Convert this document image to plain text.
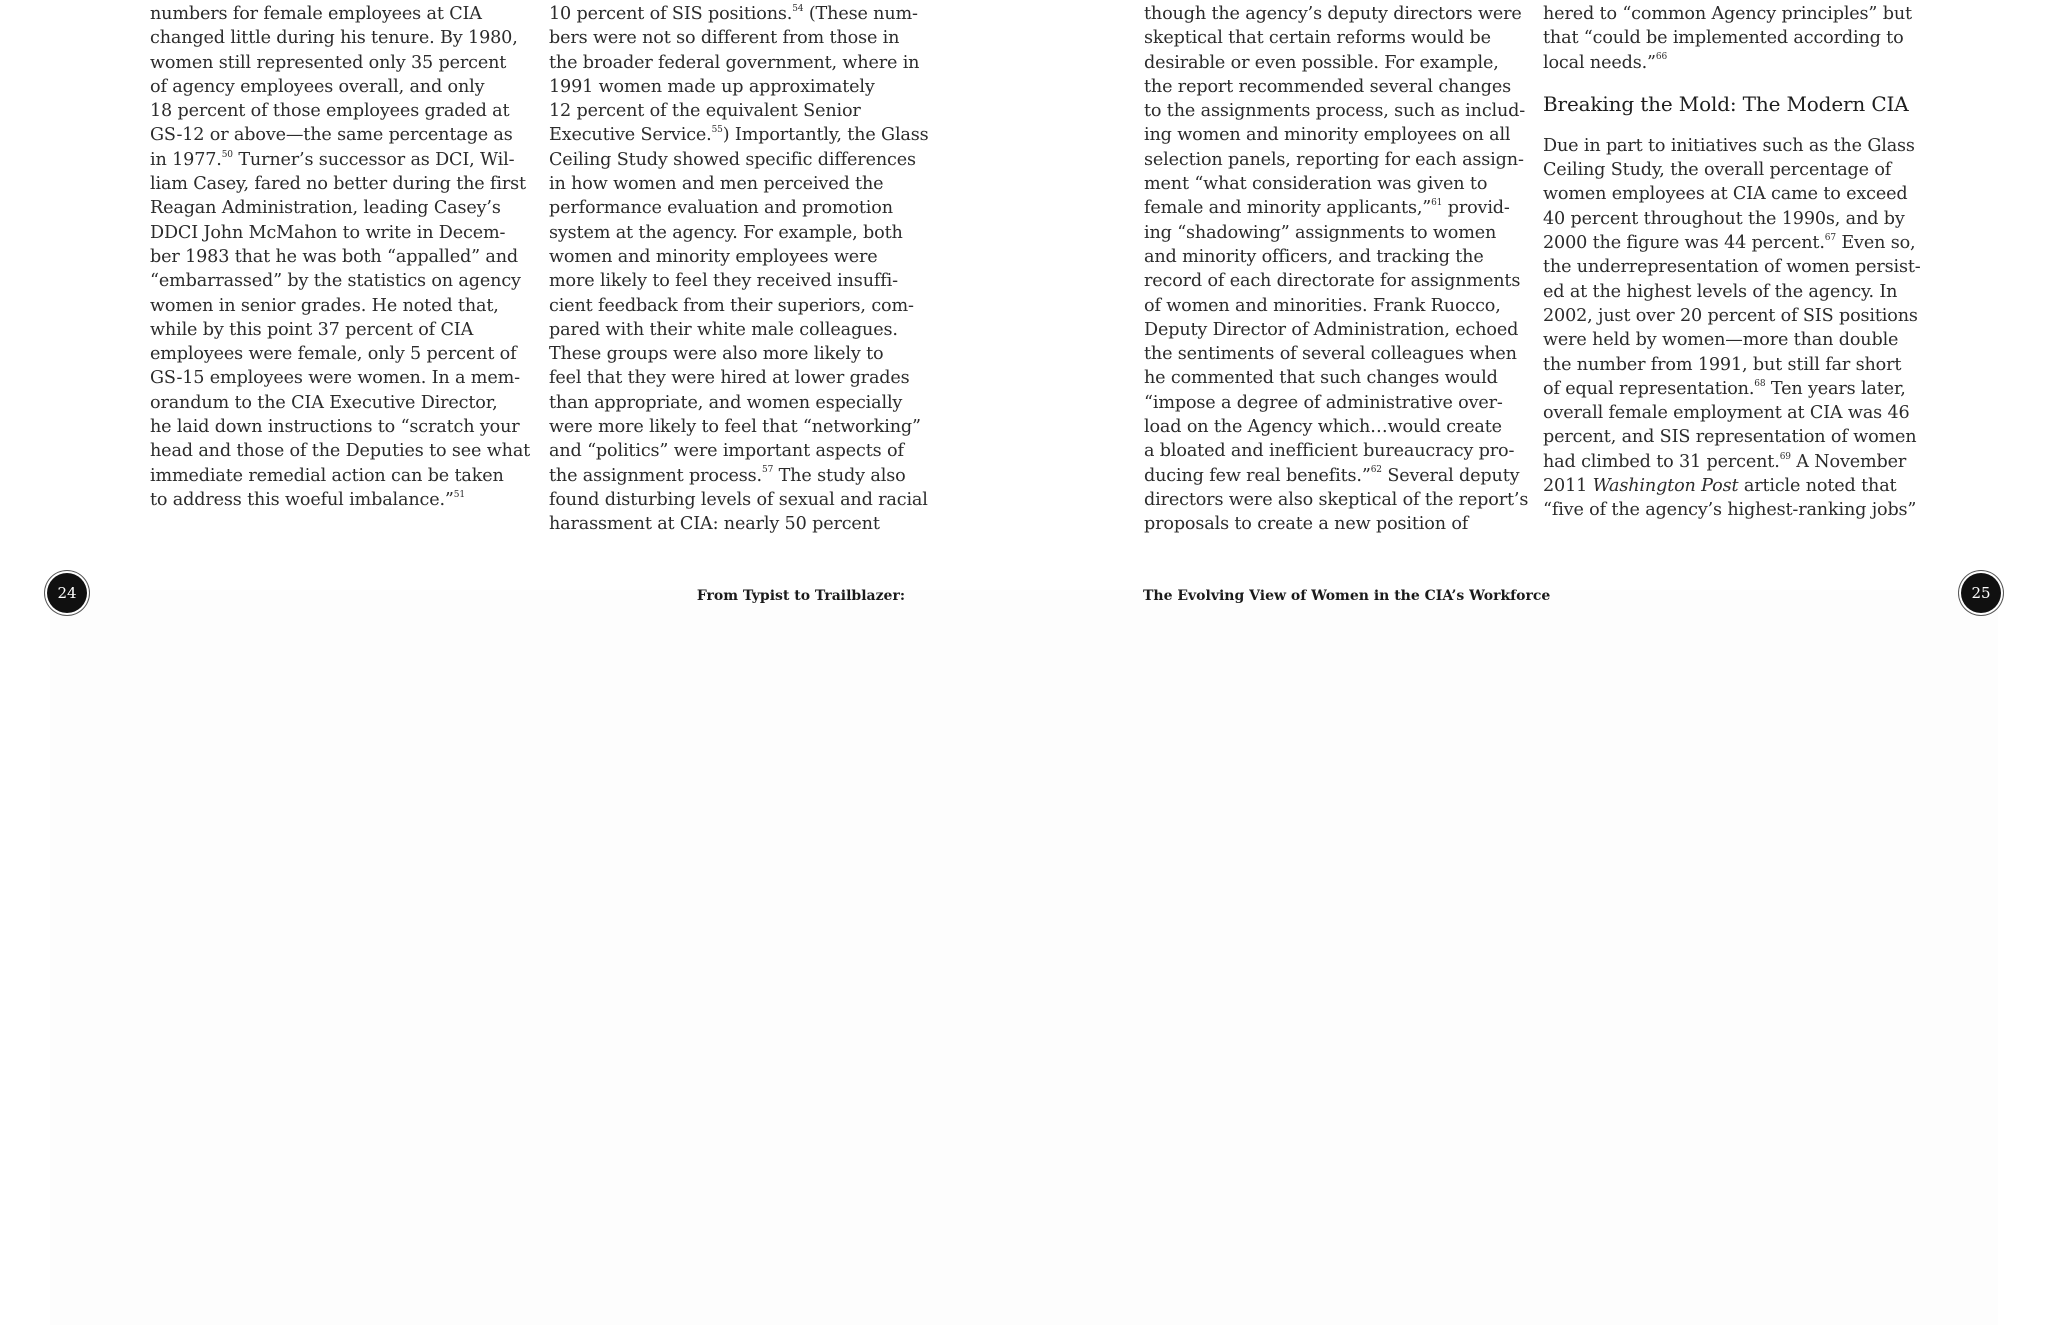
numbers for female employees at CIA
changed little during his tenure. By 1980,
women still represented only 35 percent
of agency employees overall, and only
18 percent of those employees graded at
GS-12 or above—the same percentage as
in 1977.50 Turner’s successor as DCI, Wil-
liam Casey, fared no better during the first
Reagan Administration, leading Casey’s
DDCI John McMahon to write in Decem-
ber 1983 that he was both “appalled” and
“embarrassed” by the statistics on agency
women in senior grades. He noted that,
while by this point 37 percent of CIA
employees were female, only 5 percent of
GS-15 employees were women. In a mem-
orandum to the CIA Executive Director,
he laid down instructions to “scratch your
head and those of the Deputies to see what
immediate remedial action can be taken
to address this woeful imbalance.”$^{51}$

10 percent of SIS positions.$^{54}$ (These num-
bers were not so different from those in
the broader federal government, where in
1991 women made up approximately
12 percent of the equivalent Senior
Executive Service.$^{55}$) Importantly, the Glass
Ceiling Study showed specific differences
in how women and men perceived the
performance evaluation and promotion
system at the agency. For example, both
women and minority employees were
more likely to feel they received insuffi-
cient feedback from their superiors, com-
pared with their white male colleagues.
These groups were also more likely to
feel that they were hired at lower grades
than appropriate, and women especially
were more likely to feel that “networking”
and “politics” were important aspects of
the assignment process.$^{57}$ The study also
found disturbing levels of sexual and racial
harassment at CIA: nearly 50 percent

though the agency’s deputy directors were
skeptical that certain reforms would be
desirable or even possible. For example,
the report recommended several changes
to the assignments process, such as includ-
ing women and minority employees on all
selection panels, reporting for each assign-
ment “what consideration was given to
female and minority applicants,”$^{61}$ provid-
ing “shadowing” assignments to women
and minority officers, and tracking the
record of each directorate for assignments
of women and minorities. Frank Ruocco,
Deputy Director of Administration, echoed
the sentiments of several colleagues when
he commented that such changes would
“impose a degree of administrative over-
load on the Agency which…would create
a bloated and inefficient bureaucracy pro-
ducing few real benefits.”$^{62}$ Several deputy
directors were also skeptical of the report’s
proposals to create a new position of

hered to “common Agency principles” but
that “could be implemented according to
local needs.”$^{66}$

Breaking the Mold: The Modern CIA

Due in part to initiatives such as the Glass
Ceiling Study, the overall percentage of
women employees at CIA came to exceed
40 percent throughout the 1990s, and by
2000 the figure was 44 percent.$^{67}$ Even so,
the underrepresentation of women persist-
ed at the highest levels of the agency. In
2002, just over 20 percent of SIS positions
were held by women—more than double
the number from 1991, but still far short
of equal representation.$^{68}$ Ten years later,
overall female employment at CIA was 46
percent, and SIS representation of women
had climbed to 31 percent.$^{69}$ A November
2011 Washington Post article noted that
“five of the agency’s highest-ranking jobs”

24	From Typist to Trailblazer:	The Evolving View of Women in the CIA’s Workforce	25
